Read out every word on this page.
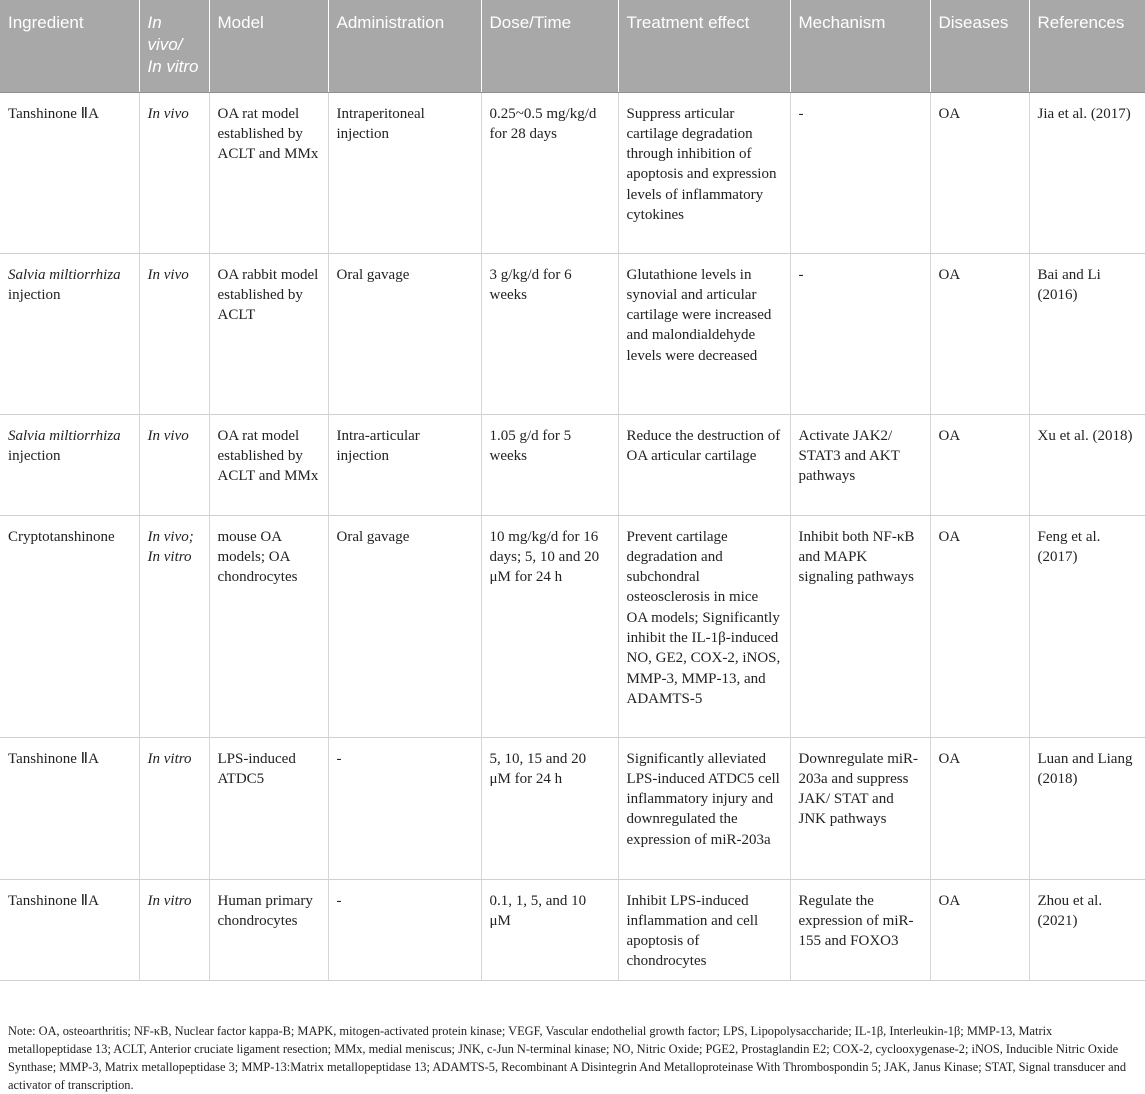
Ingredient	In vivo/ In vitro	Model	Administration	Dose/Time	Treatment effect	Mechanism	Diseases	References
Tanshinone ⅡA	In vivo	OA rat model established by ACLT and MMx	Intraperitoneal injection	0.25~0.5 mg/kg/d for 28 days	Suppress articular cartilage degradation through inhibition of apoptosis and expression levels of inflammatory cytokines	-	OA	Jia et al. (2017)
Salvia miltiorrhiza injection	In vivo	OA rabbit model established by ACLT	Oral gavage	3 g/kg/d for 6 weeks	Glutathione levels in synovial and articular cartilage were increased and malondialdehyde levels were decreased	-	OA	Bai and Li (2016)
Salvia miltiorrhiza injection	In vivo	OA rat model established by ACLT and MMx	Intra-articular injection	1.05 g/d for 5 weeks	Reduce the destruction of OA articular cartilage	Activate JAK2/ STAT3 and AKT pathways	OA	Xu et al. (2018)
Cryptotanshinone	In vivo; In vitro	mouse OA models; OA chondrocytes	Oral gavage	10 mg/kg/d for 16 days; 5, 10 and 20 μM for 24 h	Prevent cartilage degradation and subchondral osteosclerosis in mice OA models; Significantly inhibit the IL-1β-induced NO, GE2, COX-2, iNOS, MMP-3, MMP-13, and ADAMTS-5	Inhibit both NF-κB and MAPK signaling pathways	OA	Feng et al. (2017)
Tanshinone ⅡA	In vitro	LPS-induced ATDC5	-	5, 10, 15 and 20 μM for 24 h	Significantly alleviated LPS-induced ATDC5 cell inflammatory injury and downregulated the expression of miR-203a	Downregulate miR-203a and suppress JAK/ STAT and JNK pathways	OA	Luan and Liang (2018)
Tanshinone ⅡA	In vitro	Human primary chondrocytes	-	0.1, 1, 5, and 10 μM	Inhibit LPS-induced inflammation and cell apoptosis of chondrocytes	Regulate the expression of miR-155 and FOXO3	OA	Zhou et al. (2021)

Note: OA, osteoarthritis; NF-κB, Nuclear factor kappa-B; MAPK, mitogen-activated protein kinase; VEGF, Vascular endothelial growth factor; LPS, Lipopolysaccharide; IL-1β, Interleukin-1β; MMP-13, Matrix metallopeptidase 13; ACLT, Anterior cruciate ligament resection; MMx, medial meniscus; JNK, c-Jun N-terminal kinase; NO, Nitric Oxide; PGE2, Prostaglandin E2; COX-2, cyclooxygenase-2; iNOS, Inducible Nitric Oxide Synthase; MMP-3, Matrix metallopeptidase 3; MMP-13:Matrix metallopeptidase 13; ADAMTS-5, Recombinant A Disintegrin And Metalloproteinase With Thrombospondin 5; JAK, Janus Kinase; STAT, Signal transducer and activator of transcription.
